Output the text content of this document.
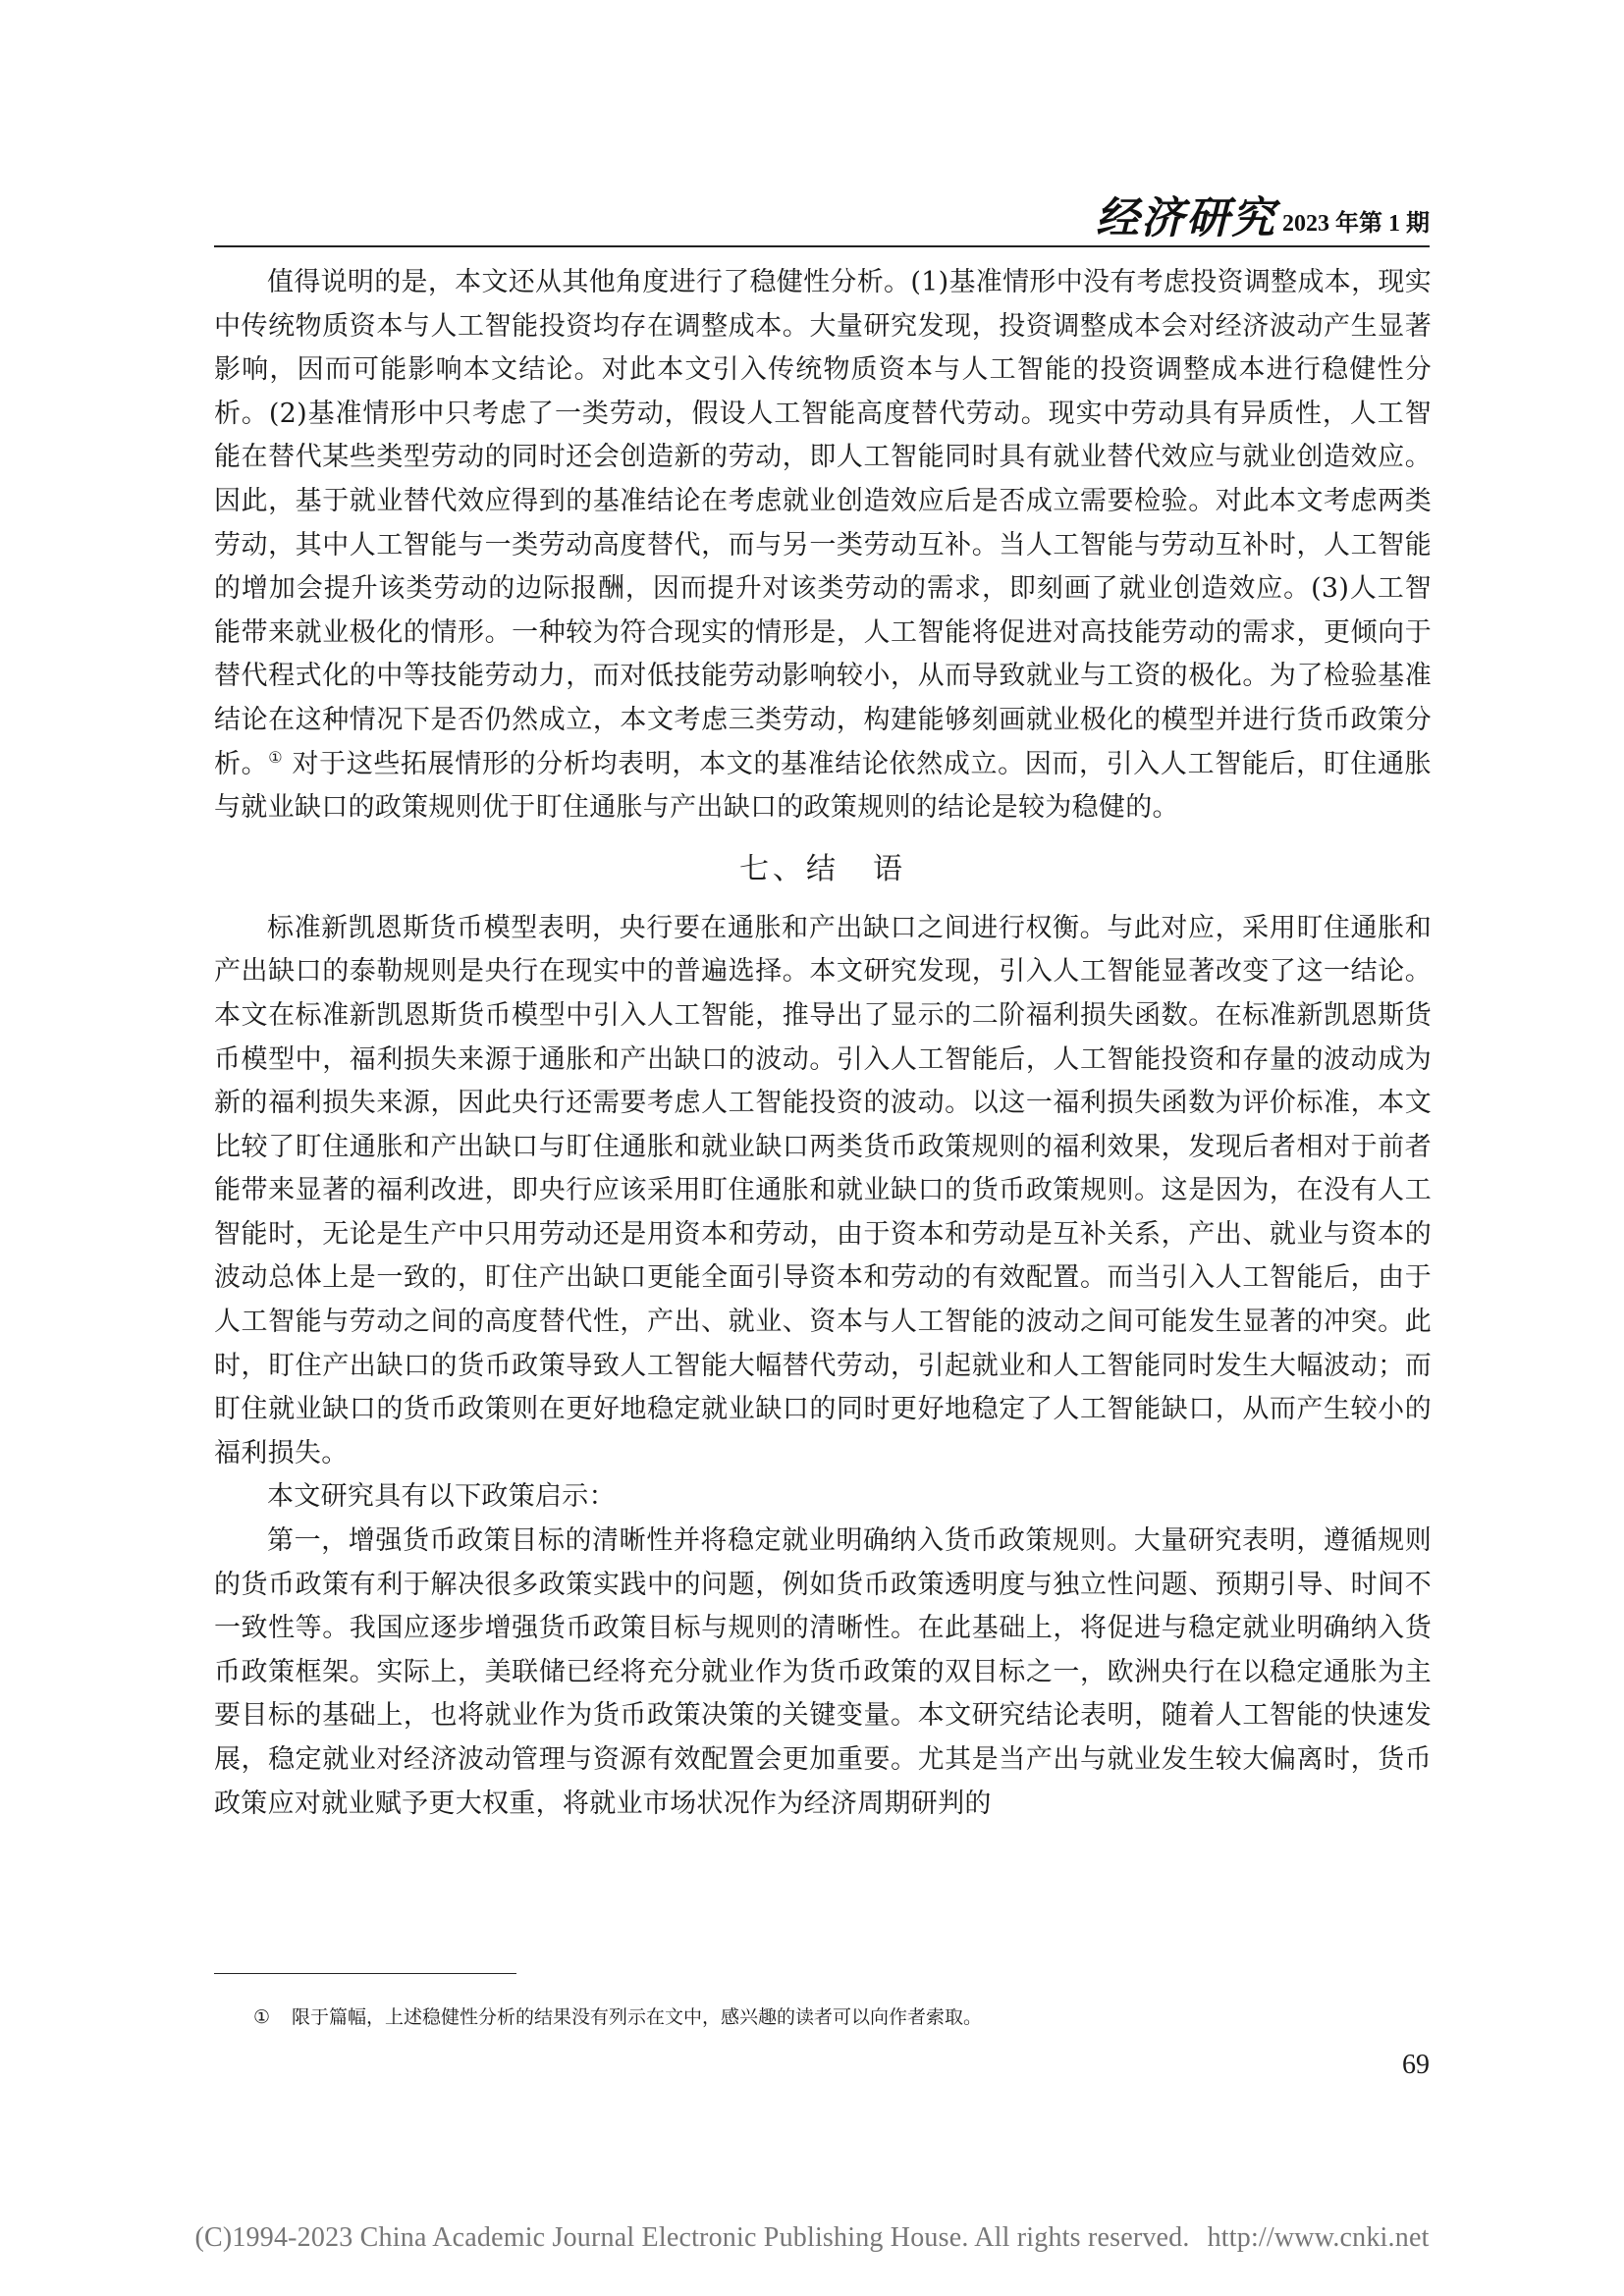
经济研究 2023 年第 1 期

值得说明的是，本文还从其他角度进行了稳健性分析。(1)基准情形中没有考虑投资调整成本，现实中传统物质资本与人工智能投资均存在调整成本。大量研究发现，投资调整成本会对经济波动产生显著影响，因而可能影响本文结论。对此本文引入传统物质资本与人工智能的投资调整成本进行稳健性分析。(2)基准情形中只考虑了一类劳动，假设人工智能高度替代劳动。现实中劳动具有异质性，人工智能在替代某些类型劳动的同时还会创造新的劳动，即人工智能同时具有就业替代效应与就业创造效应。因此，基于就业替代效应得到的基准结论在考虑就业创造效应后是否成立需要检验。对此本文考虑两类劳动，其中人工智能与一类劳动高度替代，而与另一类劳动互补。当人工智能与劳动互补时，人工智能的增加会提升该类劳动的边际报酬，因而提升对该类劳动的需求，即刻画了就业创造效应。(3)人工智能带来就业极化的情形。一种较为符合现实的情形是，人工智能将促进对高技能劳动的需求，更倾向于替代程式化的中等技能劳动力，而对低技能劳动影响较小，从而导致就业与工资的极化。为了检验基准结论在这种情况下是否仍然成立，本文考虑三类劳动，构建能够刻画就业极化的模型并进行货币政策分析。① 对于这些拓展情形的分析均表明，本文的基准结论依然成立。因而，引入人工智能后，盯住通胀与就业缺口的政策规则优于盯住通胀与产出缺口的政策规则的结论是较为稳健的。

七、结　语

标准新凯恩斯货币模型表明，央行要在通胀和产出缺口之间进行权衡。与此对应，采用盯住通胀和产出缺口的泰勒规则是央行在现实中的普遍选择。本文研究发现，引入人工智能显著改变了这一结论。本文在标准新凯恩斯货币模型中引入人工智能，推导出了显示的二阶福利损失函数。在标准新凯恩斯货币模型中，福利损失来源于通胀和产出缺口的波动。引入人工智能后，人工智能投资和存量的波动成为新的福利损失来源，因此央行还需要考虑人工智能投资的波动。以这一福利损失函数为评价标准，本文比较了盯住通胀和产出缺口与盯住通胀和就业缺口两类货币政策规则的福利效果，发现后者相对于前者能带来显著的福利改进，即央行应该采用盯住通胀和就业缺口的货币政策规则。这是因为，在没有人工智能时，无论是生产中只用劳动还是用资本和劳动，由于资本和劳动是互补关系，产出、就业与资本的波动总体上是一致的，盯住产出缺口更能全面引导资本和劳动的有效配置。而当引入人工智能后，由于人工智能与劳动之间的高度替代性，产出、就业、资本与人工智能的波动之间可能发生显著的冲突。此时，盯住产出缺口的货币政策导致人工智能大幅替代劳动，引起就业和人工智能同时发生大幅波动；而盯住就业缺口的货币政策则在更好地稳定就业缺口的同时更好地稳定了人工智能缺口，从而产生较小的福利损失。

本文研究具有以下政策启示：

第一，增强货币政策目标的清晰性并将稳定就业明确纳入货币政策规则。大量研究表明，遵循规则的货币政策有利于解决很多政策实践中的问题，例如货币政策透明度与独立性问题、预期引导、时间不一致性等。我国应逐步增强货币政策目标与规则的清晰性。在此基础上，将促进与稳定就业明确纳入货币政策框架。实际上，美联储已经将充分就业作为货币政策的双目标之一，欧洲央行在以稳定通胀为主要目标的基础上，也将就业作为货币政策决策的关键变量。本文研究结论表明，随着人工智能的快速发展，稳定就业对经济波动管理与资源有效配置会更加重要。尤其是当产出与就业发生较大偏离时，货币政策应对就业赋予更大权重，将就业市场状况作为经济周期研判的

① 限于篇幅，上述稳健性分析的结果没有列示在文中，感兴趣的读者可以向作者索取。
69
(C)1994-2023 China Academic Journal Electronic Publishing House. All rights reserved. http://www.cnki.net
